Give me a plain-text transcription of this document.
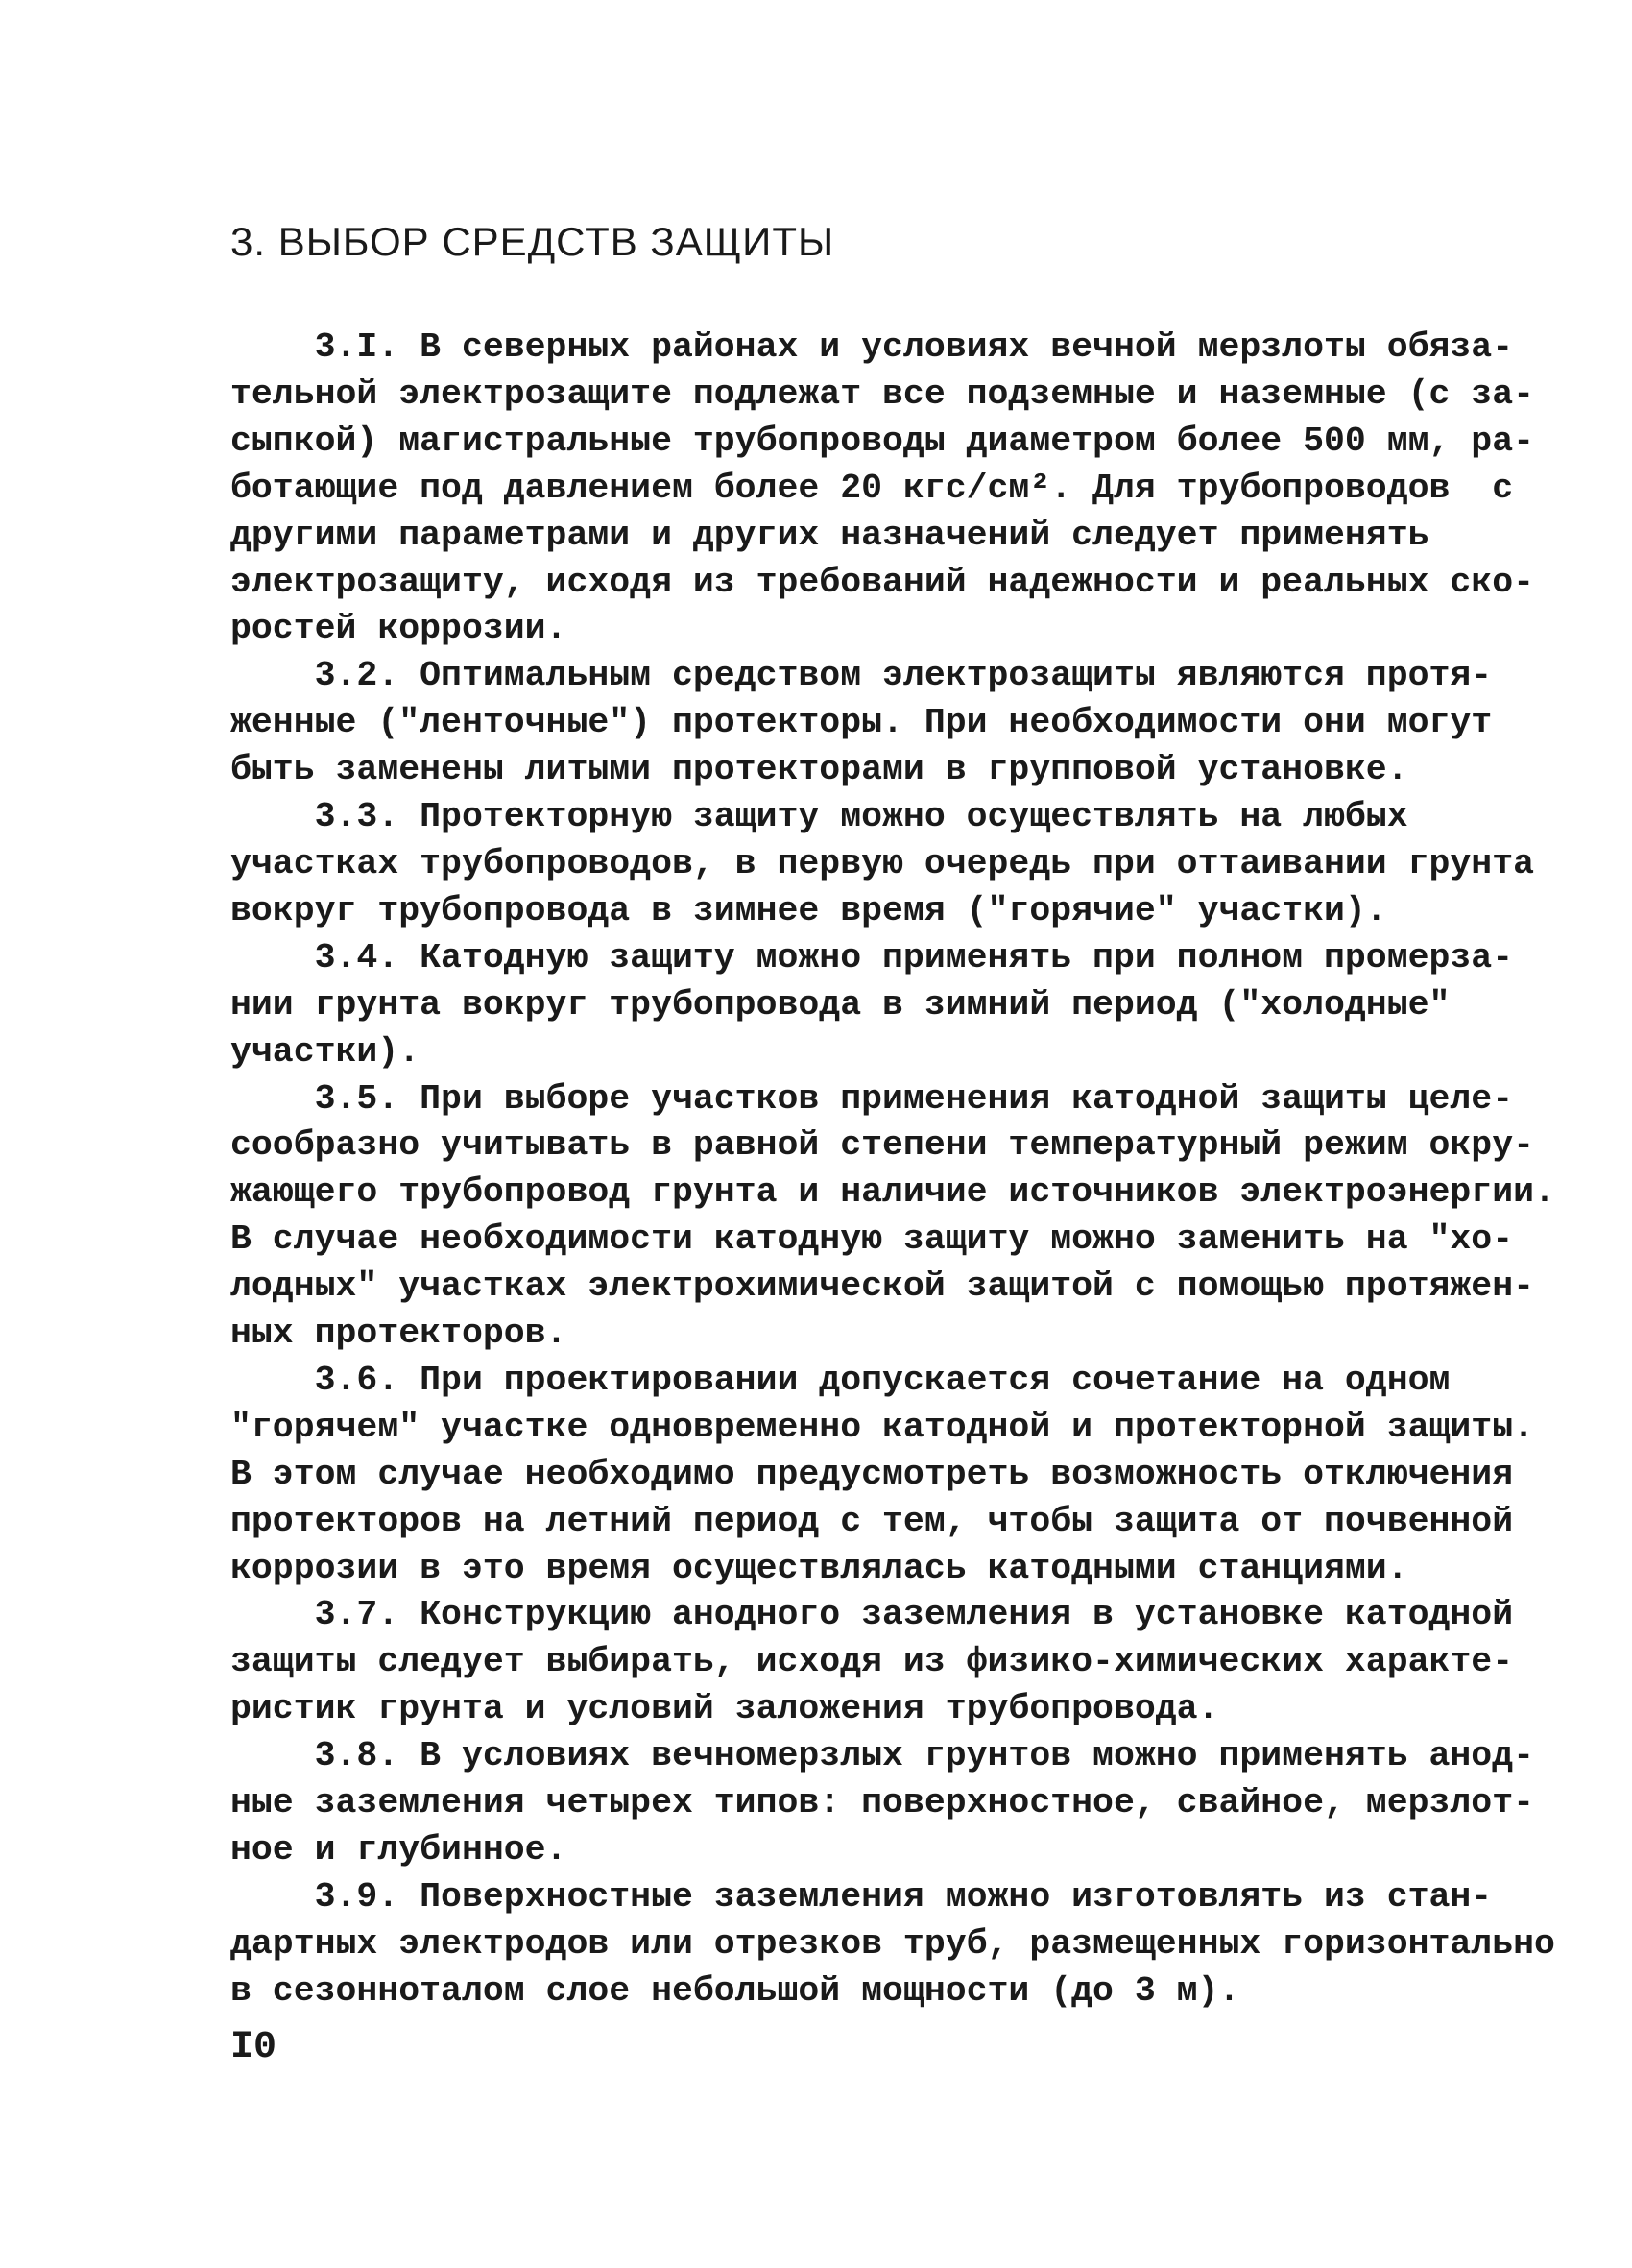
3. ВЫБОР СРЕДСТВ ЗАЩИТЫ
3.I. В северных районах и условиях вечной мерзлоты обяза-
тельной электрозащите подлежат все подземные и наземные (с за-
сыпкой) магистральные трубопроводы диаметром более 500 мм, ра-
ботающие под давлением более 20 кгс/см². Для трубопроводов  с
другими параметрами и других назначений следует применять
электрозащиту, исходя из требований надежности и реальных ско-
ростей коррозии.
3.2. Оптимальным средством электрозащиты являются протя-
женные ("ленточные") протекторы. При необходимости они могут
быть заменены литыми протекторами в групповой установке.
3.3. Протекторную защиту можно осуществлять на любых
участках трубопроводов, в первую очередь при оттаивании грунта
вокруг трубопровода в зимнее время ("горячие" участки).
3.4. Катодную защиту можно применять при полном промерза-
нии грунта вокруг трубопровода в зимний период ("холодные"
участки).
3.5. При выборе участков применения катодной защиты целе-
сообразно учитывать в равной степени температурный режим окру-
жающего трубопровод грунта и наличие источников электроэнергии.
В случае необходимости катодную защиту можно заменить на "хо-
лодных" участках электрохимической защитой с помощью протяжен-
ных протекторов.
3.6. При проектировании допускается сочетание на одном
"горячем" участке одновременно катодной и протекторной защиты.
В этом случае необходимо предусмотреть возможность отключения
протекторов на летний период с тем, чтобы защита от почвенной
коррозии в это время осуществлялась катодными станциями.
3.7. Конструкцию анодного заземления в установке катодной
защиты следует выбирать, исходя из физико-химических характе-
ристик грунта и условий заложения трубопровода.
3.8. В условиях вечномерзлых грунтов можно применять анод-
ные заземления четырех типов: поверхностное, свайное, мерзлот-
ное и глубинное.
3.9. Поверхностные заземления можно изготовлять из стан-
дартных электродов или отрезков труб, размещенных горизонтально
в сезонноталом слое небольшой мощности (до 3 м).
I0
